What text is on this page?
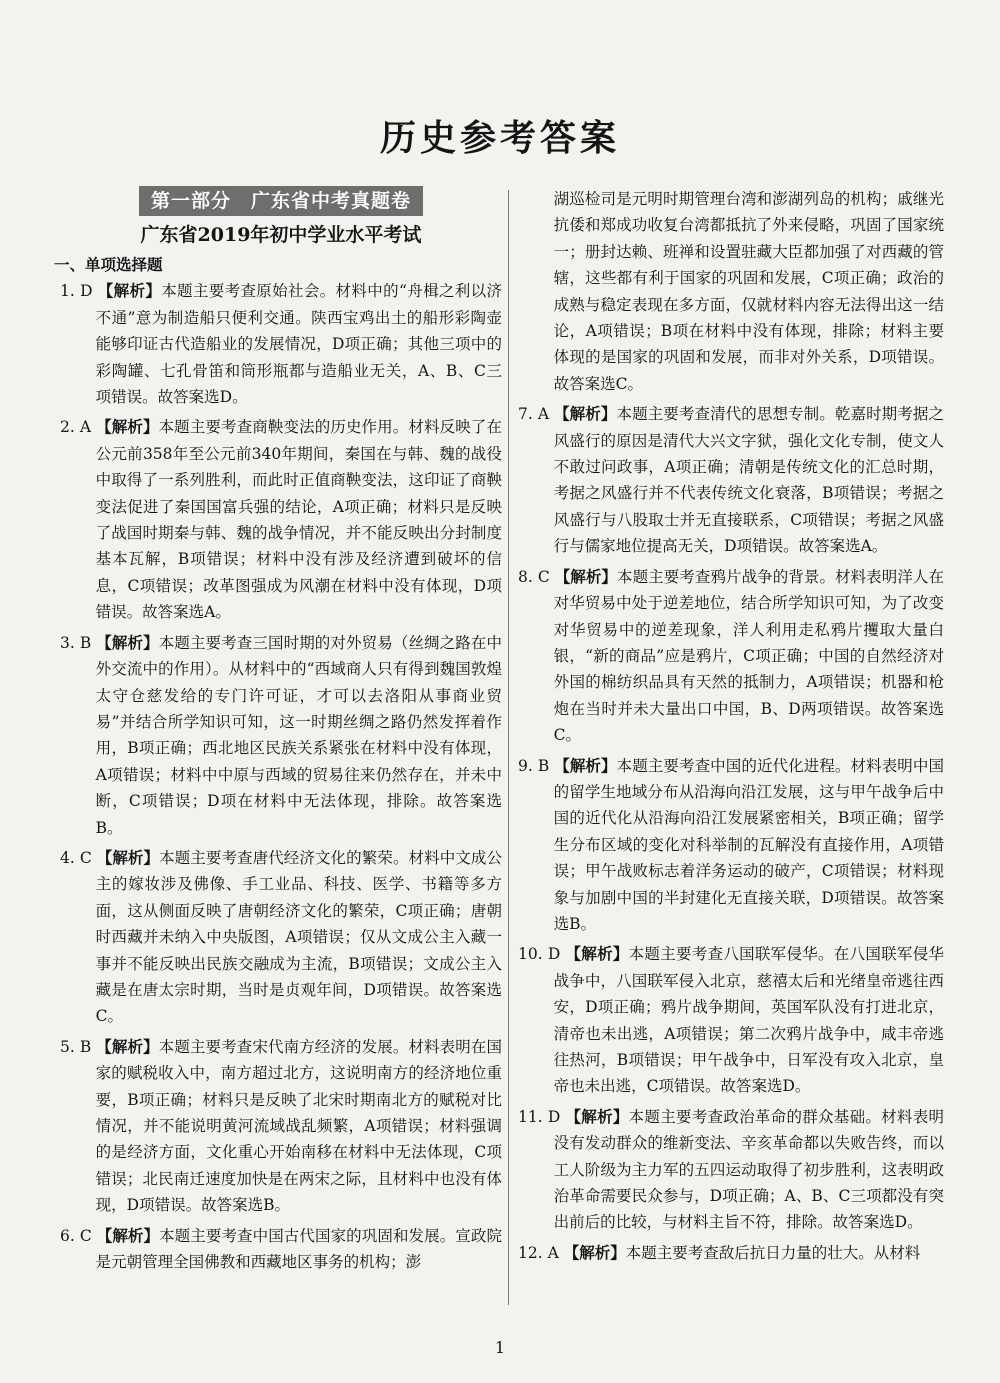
历史参考答案
第一部分　广东省中考真题卷
广东省2019年初中学业水平考试
一、单项选择题
1. D 【解析】本题主要考查原始社会。材料中的“舟楫之利以济不通”意为制造船只便利交通。陕西宝鸡出土的船形彩陶壶能够印证古代造船业的发展情况，D项正确；其他三项中的彩陶罐、七孔骨笛和筒形瓶都与造船业无关，A、B、C三项错误。故答案选D。
2. A 【解析】本题主要考查商鞅变法的历史作用。材料反映了在公元前358年至公元前340年期间，秦国在与韩、魏的战役中取得了一系列胜利，而此时正值商鞅变法，这印证了商鞅变法促进了秦国国富兵强的结论，A项正确；材料只是反映了战国时期秦与韩、魏的战争情况，并不能反映出分封制度基本瓦解，B项错误；材料中没有涉及经济遭到破坏的信息，C项错误；改革图强成为风潮在材料中没有体现，D项错误。故答案选A。
3. B 【解析】本题主要考查三国时期的对外贸易（丝绸之路在中外交流中的作用）。从材料中的“西域商人只有得到魏国敦煌太守仓慈发给的专门许可证，才可以去洛阳从事商业贸易”并结合所学知识可知，这一时期丝绸之路仍然发挥着作用，B项正确；西北地区民族关系紧张在材料中没有体现，A项错误；材料中中原与西域的贸易往来仍然存在，并未中断，C项错误；D项在材料中无法体现，排除。故答案选B。
4. C 【解析】本题主要考查唐代经济文化的繁荣。材料中文成公主的嫁妆涉及佛像、手工业品、科技、医学、书籍等多方面，这从侧面反映了唐朝经济文化的繁荣，C项正确；唐朝时西藏并未纳入中央版图，A项错误；仅从文成公主入藏一事并不能反映出民族交融成为主流，B项错误；文成公主入藏是在唐太宗时期，当时是贞观年间，D项错误。故答案选C。
5. B 【解析】本题主要考查宋代南方经济的发展。材料表明在国家的赋税收入中，南方超过北方，这说明南方的经济地位重要，B项正确；材料只是反映了北宋时期南北方的赋税对比情况，并不能说明黄河流域战乱频繁，A项错误；材料强调的是经济方面，文化重心开始南移在材料中无法体现，C项错误；北民南迁速度加快是在两宋之际，且材料中也没有体现，D项错误。故答案选B。
6. C 【解析】本题主要考查中国古代国家的巩固和发展。宣政院是元朝管理全国佛教和西藏地区事务的机构；澎
湖巡检司是元明时期管理台湾和澎湖列岛的机构；戚继光抗倭和郑成功收复台湾都抵抗了外来侵略，巩固了国家统一；册封达赖、班禅和设置驻藏大臣都加强了对西藏的管辖，这些都有利于国家的巩固和发展，C项正确；政治的成熟与稳定表现在多方面，仅就材料内容无法得出这一结论，A项错误；B项在材料中没有体现，排除；材料主要体现的是国家的巩固和发展，而非对外关系，D项错误。故答案选C。
7. A 【解析】本题主要考查清代的思想专制。乾嘉时期考据之风盛行的原因是清代大兴文字狱，强化文化专制，使文人不敢过问政事，A项正确；清朝是传统文化的汇总时期，考据之风盛行并不代表传统文化衰落，B项错误；考据之风盛行与八股取士并无直接联系，C项错误；考据之风盛行与儒家地位提高无关，D项错误。故答案选A。
8. C 【解析】本题主要考查鸦片战争的背景。材料表明洋人在对华贸易中处于逆差地位，结合所学知识可知，为了改变对华贸易中的逆差现象，洋人利用走私鸦片攫取大量白银，“新的商品”应是鸦片，C项正确；中国的自然经济对外国的棉纺织品具有天然的抵制力，A项错误；机器和枪炮在当时并未大量出口中国，B、D两项错误。故答案选C。
9. B 【解析】本题主要考查中国的近代化进程。材料表明中国的留学生地域分布从沿海向沿江发展，这与甲午战争后中国的近代化从沿海向沿江发展紧密相关，B项正确；留学生分布区域的变化对科举制的瓦解没有直接作用，A项错误；甲午战败标志着洋务运动的破产，C项错误；材料现象与加剧中国的半封建化无直接关联，D项错误。故答案选B。
10. D 【解析】本题主要考查八国联军侵华。在八国联军侵华战争中，八国联军侵入北京，慈禧太后和光绪皇帝逃往西安，D项正确；鸦片战争期间，英国军队没有打进北京，清帝也未出逃，A项错误；第二次鸦片战争中，咸丰帝逃往热河，B项错误；甲午战争中，日军没有攻入北京，皇帝也未出逃，C项错误。故答案选D。
11. D 【解析】本题主要考查政治革命的群众基础。材料表明没有发动群众的维新变法、辛亥革命都以失败告终，而以工人阶级为主力军的五四运动取得了初步胜利，这表明政治革命需要民众参与，D项正确；A、B、C三项都没有突出前后的比较，与材料主旨不符，排除。故答案选D。
12. A 【解析】本题主要考查敌后抗日力量的壮大。从材料
1
